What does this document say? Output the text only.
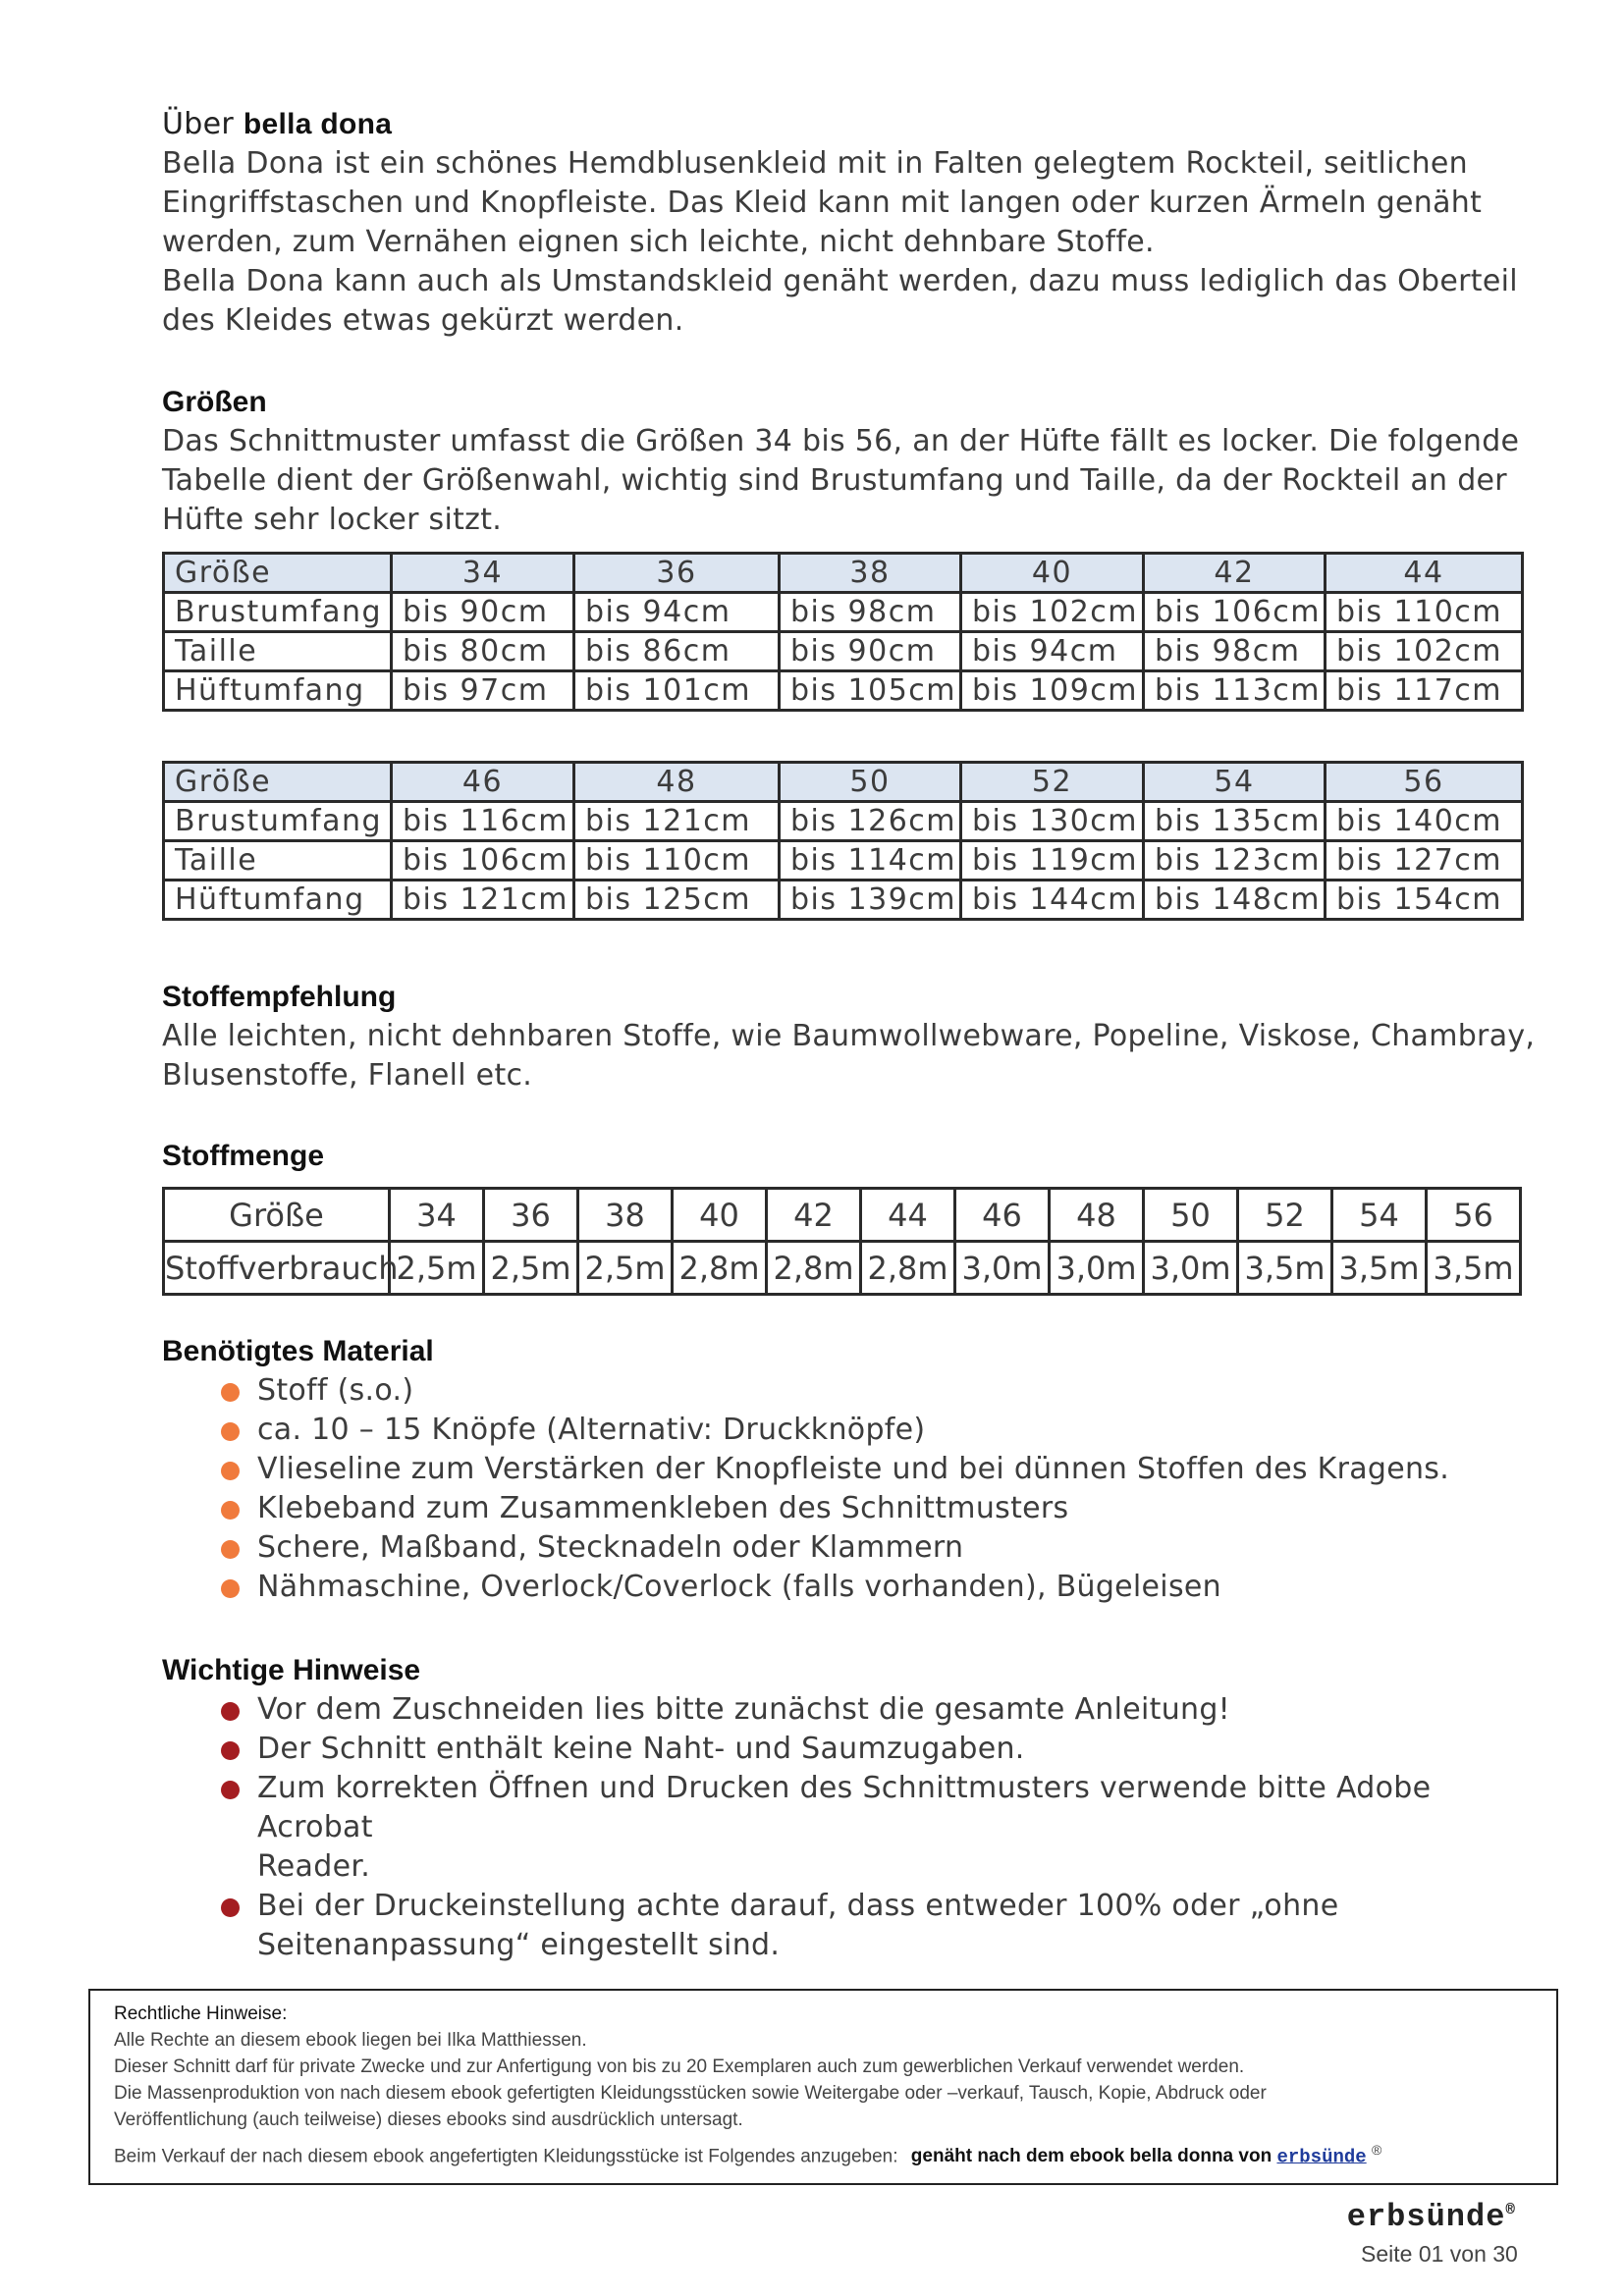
Über bella dona
Bella Dona ist ein schönes Hemdblusenkleid mit in Falten gelegtem Rockteil, seitlichen
Eingriffstaschen und Knopfleiste. Das Kleid kann mit langen oder kurzen Ärmeln genäht
werden, zum Vernähen eignen sich leichte, nicht dehnbare Stoffe.
Bella Dona kann auch als Umstandskleid genäht werden, dazu muss lediglich das Oberteil
des Kleides etwas gekürzt werden.
Größen
Das Schnittmuster umfasst die Größen 34 bis 56, an der Hüfte fällt es locker. Die folgende
Tabelle dient der Größenwahl, wichtig sind Brustumfang und Taille, da der Rockteil an der
Hüfte sehr locker sitzt.
Größe	34	36	38	40	42	44
Brustumfang	bis 90cm	bis 94cm	bis 98cm	bis 102cm	bis 106cm	bis 110cm
Taille	bis 80cm	bis 86cm	bis 90cm	bis 94cm	bis 98cm	bis 102cm
Hüftumfang	bis 97cm	bis 101cm	bis 105cm	bis 109cm	bis 113cm	bis 117cm
Größe	46	48	50	52	54	56
Brustumfang	bis 116cm	bis 121cm	bis 126cm	bis 130cm	bis 135cm	bis 140cm
Taille	bis 106cm	bis 110cm	bis 114cm	bis 119cm	bis 123cm	bis 127cm
Hüftumfang	bis 121cm	bis 125cm	bis 139cm	bis 144cm	bis 148cm	bis 154cm
Stoffempfehlung
Alle leichten, nicht dehnbaren Stoffe, wie Baumwollwebware, Popeline, Viskose, Chambray,
Blusenstoffe, Flanell etc.
Stoffmenge
Größe	34	36	38	40	42	44	46	48	50	52	54	56
Stoffverbrauch	2,5m	2,5m	2,5m	2,8m	2,8m	2,8m	3,0m	3,0m	3,0m	3,5m	3,5m	3,5m
Benötigtes Material
Stoff (s.o.)
ca. 10 – 15 Knöpfe (Alternativ: Druckknöpfe)
Vlieseline zum Verstärken der Knopfleiste und bei dünnen Stoffen des Kragens.
Klebeband zum Zusammenkleben des Schnittmusters
Schere, Maßband, Stecknadeln oder Klammern
Nähmaschine, Overlock/Coverlock (falls vorhanden), Bügeleisen
Wichtige Hinweise
Vor dem Zuschneiden lies bitte zunächst die gesamte Anleitung!
Der Schnitt enthält keine Naht- und Saumzugaben.
Zum korrekten Öffnen und Drucken des Schnittmusters verwende bitte Adobe Acrobat
Reader.
Bei der Druckeinstellung achte darauf, dass entweder 100% oder „ohne
Seitenanpassung“ eingestellt sind.
Rechtliche Hinweise:
Alle Rechte an diesem ebook liegen bei Ilka Matthiessen.
Dieser Schnitt darf für private Zwecke und zur Anfertigung von bis zu 20 Exemplaren auch zum gewerblichen Verkauf verwendet werden.
Die Massenproduktion von nach diesem ebook gefertigten Kleidungsstücken sowie Weitergabe oder –verkauf, Tausch, Kopie, Abdruck oder
Veröffentlichung (auch teilweise) dieses ebooks sind ausdrücklich untersagt.
Beim Verkauf der nach diesem ebook angefertigten Kleidungsstücke ist Folgendes anzugeben: genäht nach dem ebook bella donna von erbsünde ®
erbsünde®
Seite 01 von 30
